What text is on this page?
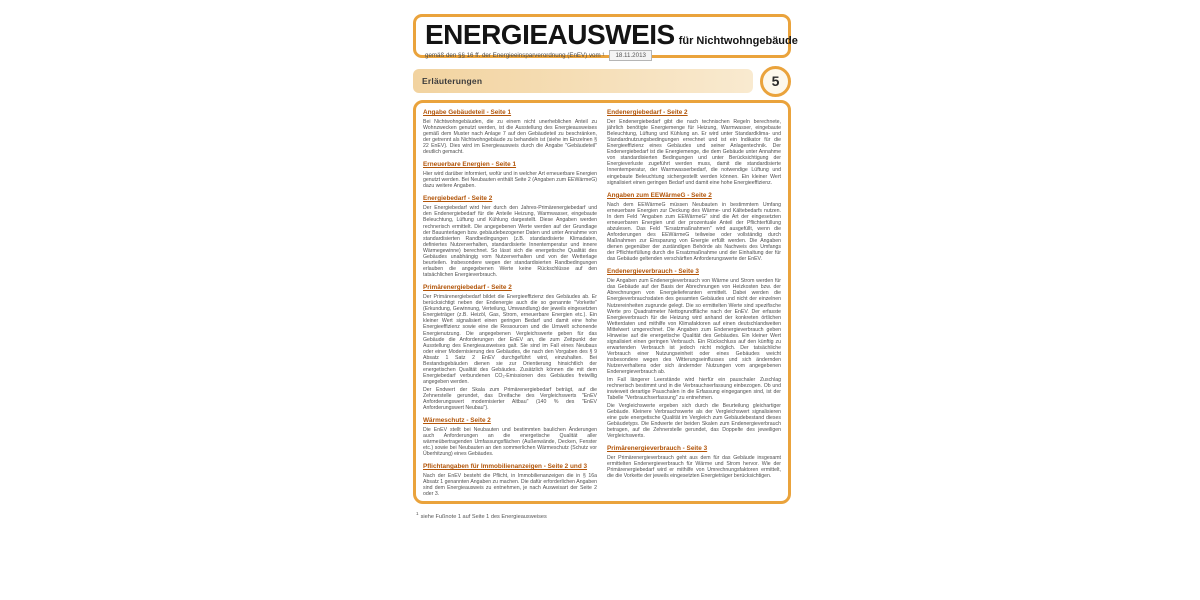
ENERGIEAUSWEIS für Nichtwohngebäude
gemäß den §§ 16 ff. der Energieeinsparverordnung (EnEV) vom ¹	18.11.2013
Erläuterungen	5
Angabe Gebäudeteil - Seite 1

Bei Nichtwohngebäuden, die zu einem nicht unerheblichen Anteil zu Wohnzwecken genutzt werden, ist die Ausstellung des Energieausweises gemäß dem Muster nach Anlage 7 auf den Gebäudeteil zu beschränken, der getrennt als Nichtwohngebäude zu behandeln ist (siehe im Einzelnen § 22 EnEV). Dies wird im Energieausweis durch die Angabe "Gebäudeteil" deutlich gemacht.

Erneuerbare Energien - Seite 1

Hier wird darüber informiert, wofür und in welcher Art erneuerbare Energien genutzt werden. Bei Neubauten enthält Seite 2 (Angaben zum EEWärmeG) dazu weitere Angaben.

Energiebedarf - Seite 2

Der Energiebedarf wird hier durch den Jahres-Primärenergiebedarf und den Endenergiebedarf für die Anteile Heizung, Warmwasser, eingebaute Beleuchtung, Lüftung und Kühlung dargestellt. Diese Angaben werden rechnerisch ermittelt. Die angegebenen Werte werden auf der Grundlage der Bauunterlagen bzw. gebäudebezogener Daten und unter Annahme von standardisierten Randbedingungen (z.B. standardisierte Klimadaten, definiertes Nutzerverhalten, standardisierte Innentemperatur und innere Wärmegewinne) berechnet. So lässt sich die energetische Qualität des Gebäudes unabhängig vom Nutzerverhalten und von der Wetterlage beurteilen. Insbesondere wegen der standardisierten Randbedingungen erlauben die angegebenen Werte keine Rückschlüsse auf den tatsächlichen Energieverbrauch.

Primärenergiebedarf - Seite 2

Der Primärenergiebedarf bildet die Energieeffizienz des Gebäudes ab. Er berücksichtigt neben der Endenergie auch die so genannte "Vorkette" (Erkundung, Gewinnung, Verteilung, Umwandlung) der jeweils eingesetzten Energieträger (z.B. Heizöl, Gas, Strom, erneuerbare Energien etc.). Ein kleiner Wert signalisiert einen geringen Bedarf und damit eine hohe Energieeffizienz sowie eine die Ressourcen und die Umwelt schonende Energienutzung. Die angegebenen Vergleichswerte geben für das Gebäude die Anforderungen der EnEV an, die zum Zeitpunkt der Ausstellung des Energieausweises galt. Sie sind im Fall eines Neubaus oder einer Modernisierung des Gebäudes, die nach den Vorgaben des § 9 Absatz 1 Satz 2 EnEV durchgeführt wird, einzuhalten. Bei Bestandsgebäuden dienen sie zur Orientierung hinsichtlich der energetischen Qualität des Gebäudes. Zusätzlich können die mit dem Energiebedarf verbundenen CO₂-Emissionen des Gebäudes freiwillig angegeben werden.

Der Endwert der Skala zum Primärenergiebedarf beträgt, auf die Zehnerstelle gerundet, das Dreifache des Vergleichswerts "EnEV Anforderungswert modernisierter Altbau" (140 % des "EnEV Anforderungswert Neubau").

Wärmeschutz - Seite 2

Die EnEV stellt bei Neubauten und bestimmten baulichen Änderungen auch Anforderungen an die energetische Qualität aller wärmeübertragenden Umfassungsflächen (Außenwände, Decken, Fenster etc.) sowie bei Neubauten an den sommerlichen Wärmeschutz (Schutz vor Überhitzung) eines Gebäudes.

Pflichtangaben für Immobilienanzeigen - Seite 2 und 3

Nach der EnEV besteht die Pflicht, in Immobilienanzeigen die in § 16a Absatz 1 genannten Angaben zu machen. Die dafür erforderlichen Angaben sind dem Energieausweis zu entnehmen, je nach Ausweisart der Seite 2 oder 3.

Endenergiebedarf - Seite 2

Der Endenergiebedarf gibt die nach technischen Regeln berechnete, jährlich benötigte Energiemenge für Heizung, Warmwasser, eingebaute Beleuchtung, Lüftung und Kühlung an. Er wird unter Standardklima- und Standardnutzungsbedingungen errechnet und ist ein Indikator für die Energieeffizienz eines Gebäudes und seiner Anlagentechnik. Der Endenergiebedarf ist die Energiemenge, die dem Gebäude unter Annahme von standardisierten Bedingungen und unter Berücksichtigung der Energieverluste zugeführt werden muss, damit die standardisierte Innentemperatur, der Warmwasserbedarf, die notwendige Lüftung und eingebaute Beleuchtung sichergestellt werden können. Ein kleiner Wert signalisiert einen geringen Bedarf und damit eine hohe Energieeffizienz.

Angaben zum EEWärmeG - Seite 2

Nach dem EEWärmeG müssen Neubauten in bestimmtem Umfang erneuerbare Energien zur Deckung des Wärme- und Kältebedarfs nutzen. In dem Feld "Angaben zum EEWärmeG" sind die Art der eingesetzten erneuerbaren Energien und der prozentuale Anteil der Pflichterfüllung abzulesen. Das Feld "Ersatzmaßnahmen" wird ausgefüllt, wenn die Anforderungen des EEWärmeG teilweise oder vollständig durch Maßnahmen zur Einsparung von Energie erfüllt werden. Die Angaben dienen gegenüber der zuständigen Behörde als Nachweis des Umfangs der Pflichterfüllung durch die Ersatzmaßnahme und der Einhaltung der für das Gebäude geltenden verschärften Anforderungswerte der EnEV.

Endenergieverbrauch - Seite 3

Die Angaben zum Endenergieverbrauch von Wärme und Strom werden für das Gebäude auf der Basis der Abrechnungen von Heizkosten bzw. der Abrechnungen von Energielieferanten ermittelt. Dabei werden die Energieverbrauchsdaten des gesamten Gebäudes und nicht der einzelnen Nutzereinheiten zugrunde gelegt. Die so ermittelten Werte sind spezifische Werte pro Quadratmeter Nettogrundfläche nach der EnEV. Der erfasste Energieverbrauch für die Heizung wird anhand der konkreten örtlichen Wetterdaten und mithilfe von Klimafaktoren auf einen deutschlandweiten Mittelwert umgerechnet. Die Angaben zum Endenergieverbrauch geben Hinweise auf die energetische Qualität des Gebäudes. Ein kleiner Wert signalisiert einen geringen Verbrauch. Ein Rückschluss auf den künftig zu erwartenden Verbrauch ist jedoch nicht möglich. Der tatsächliche Verbrauch einer Nutzungseinheit oder eines Gebäudes weicht insbesondere wegen des Witterungseinflusses und sich ändernden Nutzerverhaltens oder sich ändernder Nutzungen vom angegebenen Endenergieverbrauch ab.

Im Fall längerer Leerstände wird hierfür ein pauschaler Zuschlag rechnerisch bestimmt und in die Verbrauchserfassung einbezogen. Ob und inwieweit derartige Pauschalen in die Erfassung eingegangen sind, ist der Tabelle "Verbrauchserfassung" zu entnehmen.

Die Vergleichswerte ergeben sich durch die Beurteilung gleichartiger Gebäude. Kleinere Verbrauchswerte als der Vergleichswert signalisieren eine gute energetische Qualität im Vergleich zum Gebäudebestand dieses Gebäudetyps. Die Endwerte der beiden Skalen zum Endenergieverbrauch betragen, auf die Zehnerstelle gerundet, das Doppelte des jeweiligen Vergleichswerts.

Primärenergieverbrauch - Seite 3

Der Primärenergieverbrauch geht aus dem für das Gebäude insgesamt ermittelten Endenergieverbrauch für Wärme und Strom hervor. Wie der Primärenergiebedarf wird er mithilfe von Umrechnungsfaktoren ermittelt, die die Vorkette der jeweils eingesetzten Energieträger berücksichtigen.

$^1$siehe Fußnote 1 auf Seite 1 des Energieausweises
